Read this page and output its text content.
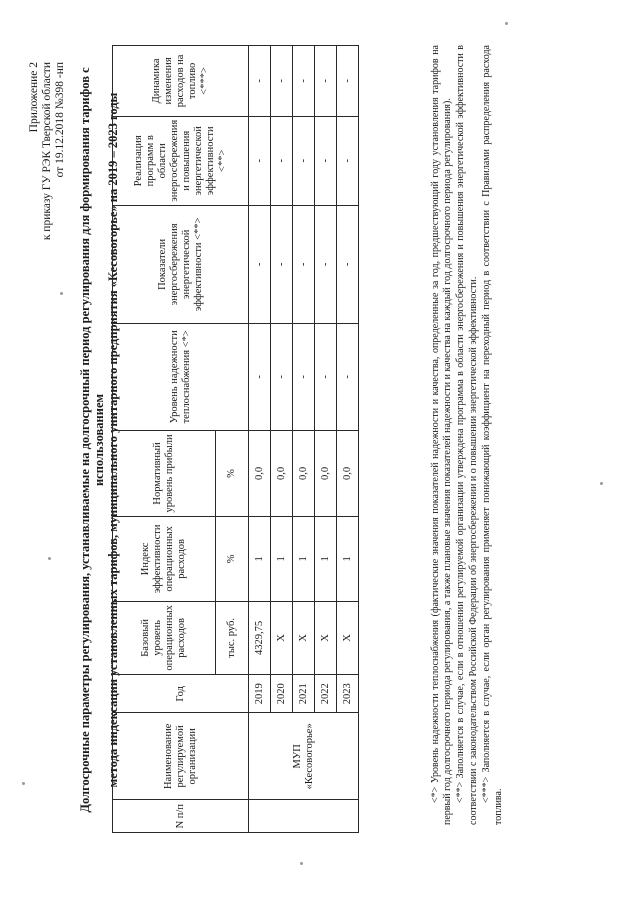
Приложение 2 к приказу ГУ РЭК Тверской области от 19.12.2018 №398 -нп Долгосрочные параметры регулирования, устанавливаемые на долгосрочный период регулирования для формирования тарифов с использованием метода индексации установленных тарифов, муниципального унитарного предприятия «Кесовогорье» на 2019 – 2023 годы
N п/п	Наименование регулируемой организации	Год	Базовый уровень операционных расходов	Индекс эффективности операционных расходов	Нормативный уровень прибыли	Уровень надежности теплоснабжения <*>	Показатели энергосбережения энергетической эффективности <**>	Реализация программ в области энергосбережения и повышения энергетической эффективности <**>	Динамика изменения расходов на топливо <***>
			тыс. руб.	%	%				
	МУП «Кесовогорье»	2019	4329,75	1	0,0	-	-	-	-
		2020	X	1	0,0	-	-	-	-
		2021	X	1	0,0	-	-	-	-
		2022	X	1	0,0	-	-	-	-
		2023	X	1	0,0	-	-	-	-	<*> Уровень надежности теплоснабжения (фактические значения показателей надежности и качества, определенные за год, предшествующий году установления тарифов на первый год долгосрочного периода регулирования, а также плановые значения показателей надежности и качества на каждый год долгосрочного периода регулирования). <**> Заполняется в случае, если в отношении регулируемой организации утверждена программа в области энергосбережения и повышения энергетической эффективности в соответствии с законодательством Российской Федерации об энергосбережении и о повышении энергетической эффективности. <***> Заполняется в случае, если орган регулирования применяет понижающий коэффициент на переходный период в соответствии с Правилами распределения расхода топлива.
